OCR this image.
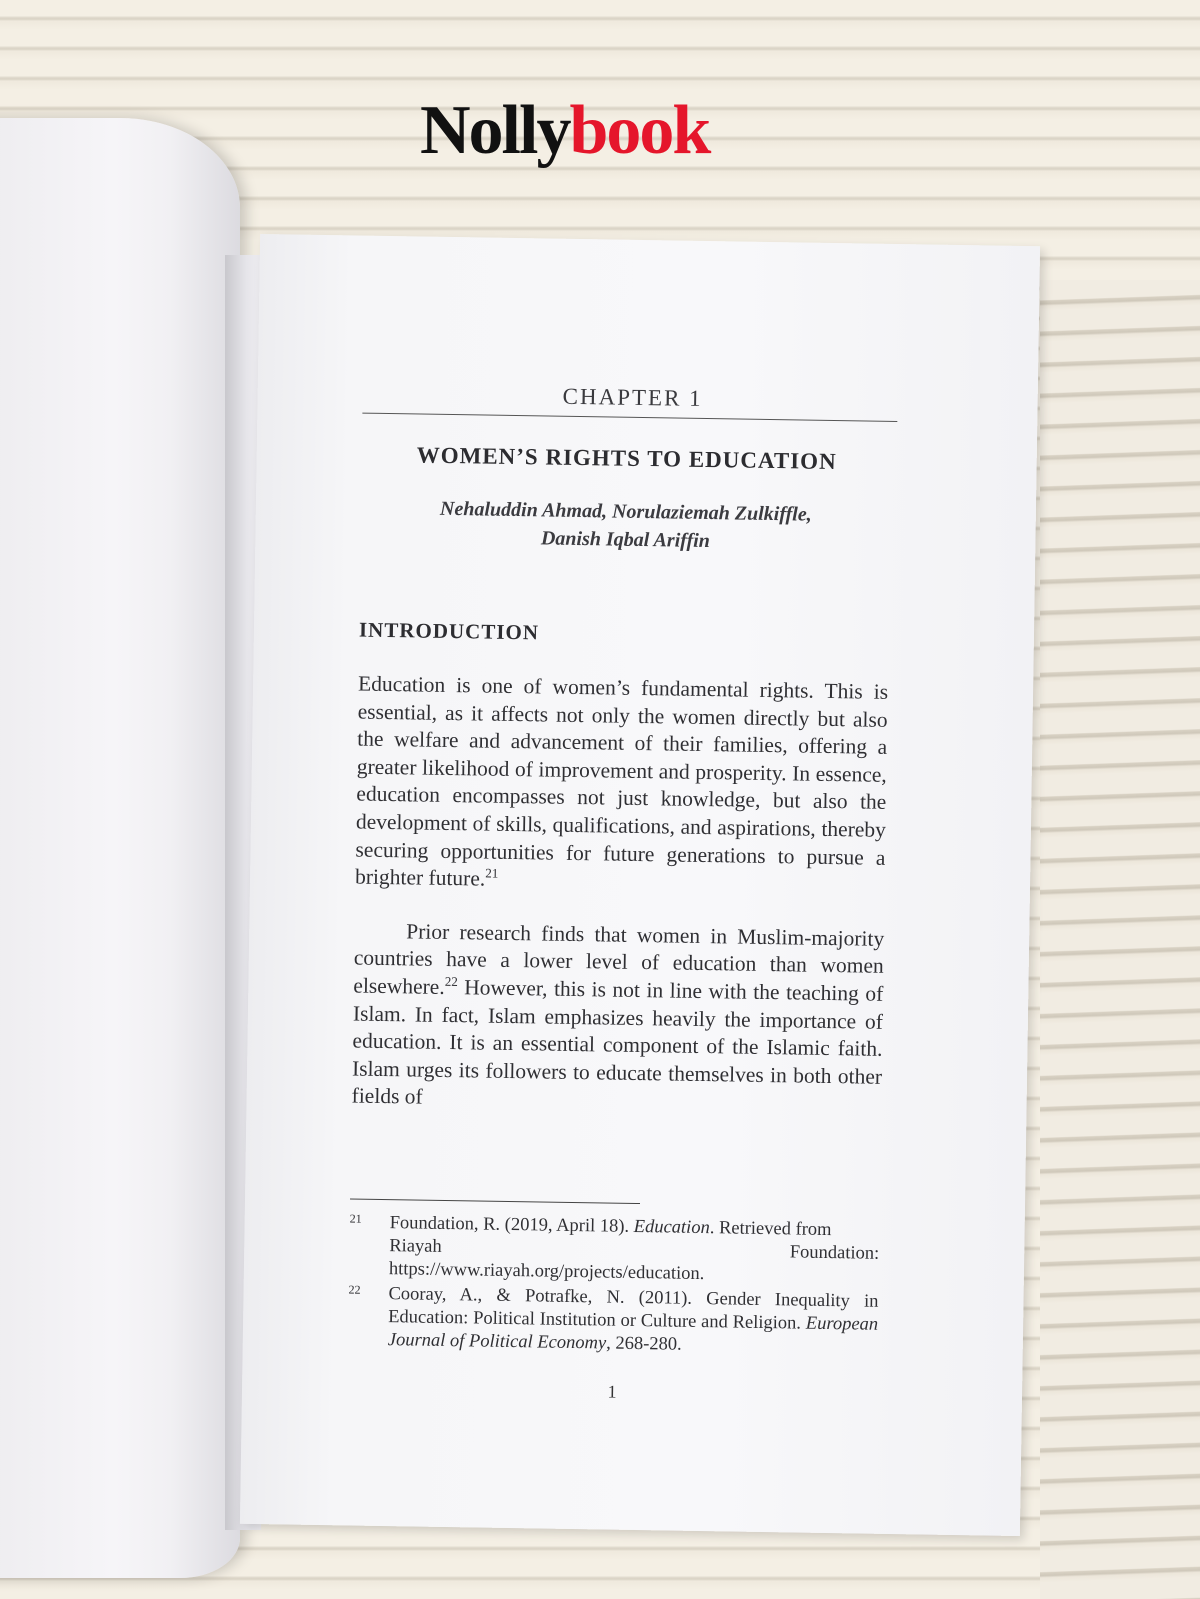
Nollybook
CHAPTER 1
WOMEN’S RIGHTS TO EDUCATION
Nehaluddin Ahmad, Norulaziemah Zulkiffle,
Danish Iqbal Ariffin
INTRODUCTION

Education is one of women’s fundamental rights. This is essential, as it affects not only the women directly but also the welfare and advancement of their families, offering a greater likelihood of improvement and prosperity. In essence, education encompasses not just knowledge, but also the development of skills, qualifications, and aspirations, thereby securing opportunities for future generations to pursue a brighter future.$^{21}$

Prior research finds that women in Muslim-majority countries have a lower level of education than women elsewhere.$^{22}$ However, this is not in line with the teaching of Islam. In fact, Islam emphasizes heavily the importance of education. It is an essential component of the Islamic faith. Islam urges its followers to educate themselves in both other fields of

21 Foundation, R. (2019, April 18). Education. Retrieved from
Riayah	Foundation:
https://www.riayah.org/projects/education.
22 Cooray, A., & Potrafke, N. (2011). Gender Inequality in Education: Political Institution or Culture and Religion. European Journal of Political Economy, 268-280.
1
